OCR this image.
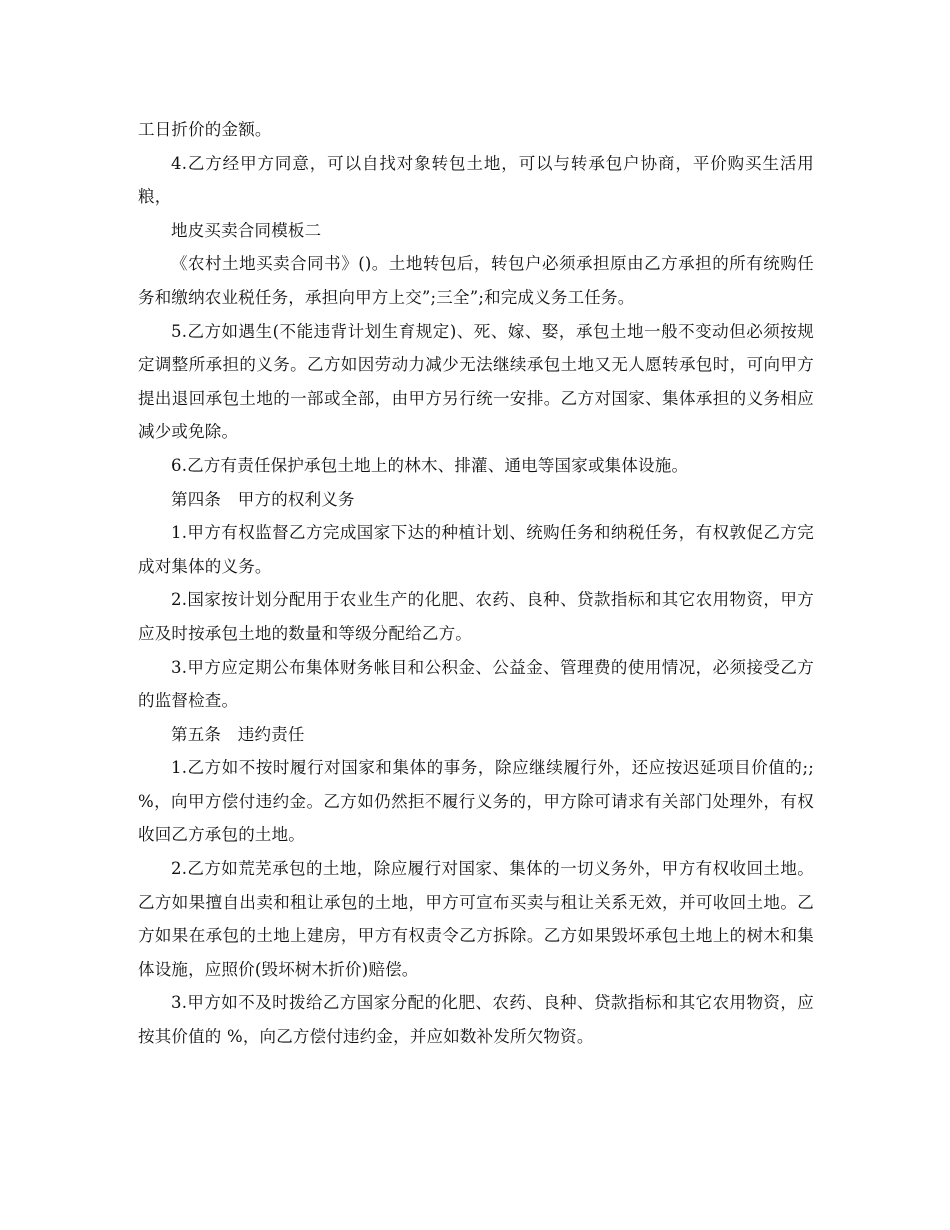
工日折价的金额。

4.乙方经甲方同意，可以自找对象转包土地，可以与转承包户协商，平价购买生活用粮，

地皮买卖合同模板二

《农村土地买卖合同书》()。土地转包后，转包户必须承担原由乙方承担的所有统购任务和缴纳农业税任务，承担向甲方上交”;三全”;和完成义务工任务。

5.乙方如遇生(不能违背计划生育规定)、死、嫁、娶，承包土地一般不变动但必须按规定调整所承担的义务。乙方如因劳动力减少无法继续承包土地又无人愿转承包时，可向甲方提出退回承包土地的一部或全部，由甲方另行统一安排。乙方对国家、集体承担的义务相应减少或免除。

6.乙方有责任保护承包土地上的林木、排灌、通电等国家或集体设施。

第四条　甲方的权利义务

1.甲方有权监督乙方完成国家下达的种植计划、统购任务和纳税任务，有权敦促乙方完成对集体的义务。

2.国家按计划分配用于农业生产的化肥、农药、良种、贷款指标和其它农用物资，甲方应及时按承包土地的数量和等级分配给乙方。

3.甲方应定期公布集体财务帐目和公积金、公益金、管理费的使用情况，必须接受乙方的监督检查。

第五条　违约责任

1.乙方如不按时履行对国家和集体的事务，除应继续履行外，还应按迟延项目价值的;; %，向甲方偿付违约金。乙方如仍然拒不履行义务的，甲方除可请求有关部门处理外，有权收回乙方承包的土地。

2.乙方如荒芜承包的土地，除应履行对国家、集体的一切义务外，甲方有权收回土地。乙方如果擅自出卖和租让承包的土地，甲方可宣布买卖与租让关系无效，并可收回土地。乙方如果在承包的土地上建房，甲方有权责令乙方拆除。乙方如果毁坏承包土地上的树木和集体设施，应照价(毁坏树木折价)赔偿。

3.甲方如不及时拨给乙方国家分配的化肥、农药、良种、贷款指标和其它农用物资，应按其价值的 %，向乙方偿付违约金，并应如数补发所欠物资。
